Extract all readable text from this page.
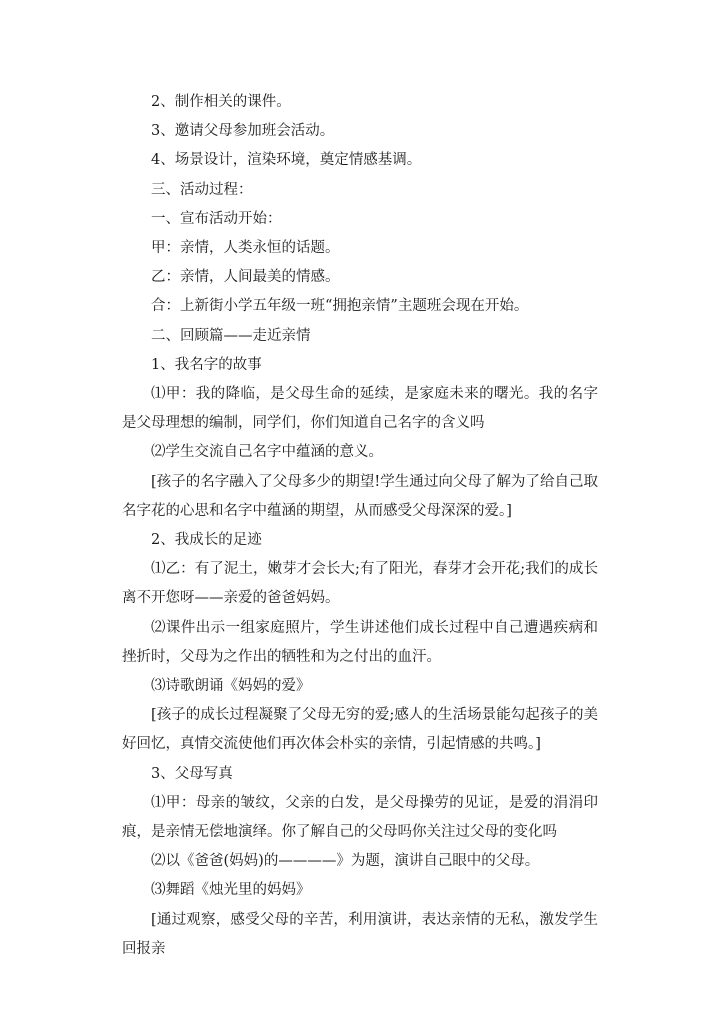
2、制作相关的课件。

3、邀请父母参加班会活动。

4、场景设计，渲染环境，奠定情感基调。

三、活动过程：

一、宣布活动开始：

甲：亲情，人类永恒的话题。

乙：亲情，人间最美的情感。

合：上新街小学五年级一班“拥抱亲情”主题班会现在开始。

二、回顾篇——走近亲情

1、我名字的故事

⑴甲：我的降临，是父母生命的延续，是家庭未来的曙光。我的名字是父母理想的编制，同学们，你们知道自己名字的含义吗

⑵学生交流自己名字中蕴涵的意义。

[孩子的名字融入了父母多少的期望!学生通过向父母了解为了给自己取名字花的心思和名字中蕴涵的期望，从而感受父母深深的爱。]

2、我成长的足迹

⑴乙：有了泥土，嫩芽才会长大;有了阳光，春芽才会开花;我们的成长离不开您呀——亲爱的爸爸妈妈。

⑵课件出示一组家庭照片，学生讲述他们成长过程中自己遭遇疾病和挫折时，父母为之作出的牺牲和为之付出的血汗。

⑶诗歌朗诵《妈妈的爱》

[孩子的成长过程凝聚了父母无穷的爱;感人的生活场景能勾起孩子的美好回忆，真情交流使他们再次体会朴实的亲情，引起情感的共鸣。]

3、父母写真

⑴甲：母亲的皱纹，父亲的白发，是父母操劳的见证，是爱的涓涓印痕，是亲情无偿地演绎。你了解自己的父母吗你关注过父母的变化吗

⑵以《爸爸(妈妈)的————》为题，演讲自己眼中的父母。

⑶舞蹈《烛光里的妈妈》

[通过观察，感受父母的辛苦，利用演讲，表达亲情的无私，激发学生回报亲
